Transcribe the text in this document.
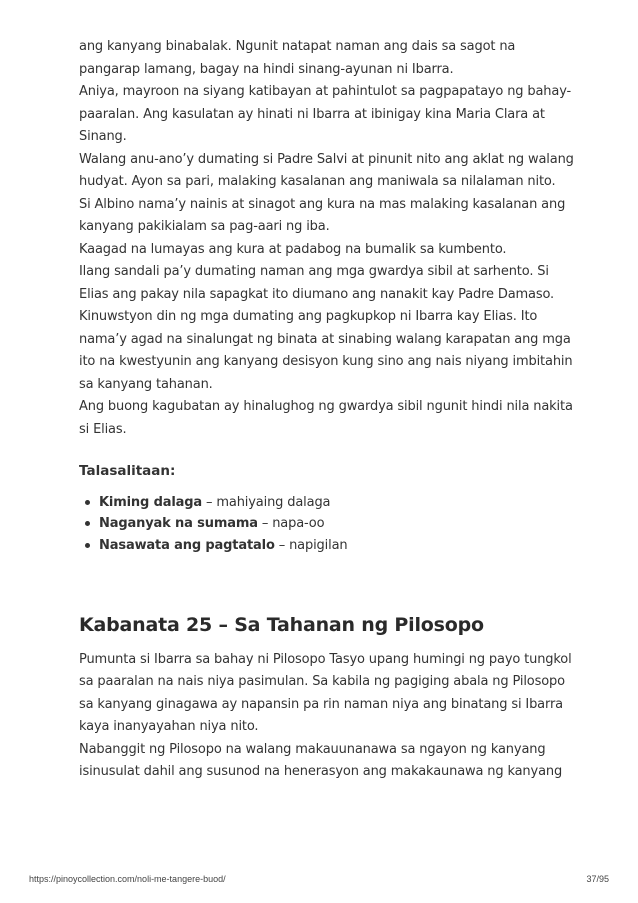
ang kanyang binabalak. Ngunit natapat naman ang dais sa sagot na pangarap lamang, bagay na hindi sinang-ayunan ni Ibarra.

Aniya, mayroon na siyang katibayan at pahintulot sa pagpapatayo ng bahay-paaralan. Ang kasulatan ay hinati ni Ibarra at ibinigay kina Maria Clara at Sinang.

Walang anu-ano’y dumating si Padre Salvi at pinunit nito ang aklat ng walang hudyat. Ayon sa pari, malaking kasalanan ang maniwala sa nilalaman nito.

Si Albino nama’y nainis at sinagot ang kura na mas malaking kasalanan ang kanyang pakikialam sa pag-aari ng iba.

Kaagad na lumayas ang kura at padabog na bumalik sa kumbento.

Ilang sandali pa’y dumating naman ang mga gwardya sibil at sarhento. Si Elias ang pakay nila sapagkat ito diumano ang nanakit kay Padre Damaso.

Kinuwstyon din ng mga dumating ang pagkupkop ni Ibarra kay Elias. Ito nama’y agad na sinalungat ng binata at sinabing walang karapatan ang mga ito na kwestyunin ang kanyang desisyon kung sino ang nais niyang imbitahin sa kanyang tahanan.

Ang buong kagubatan ay hinalughog ng gwardya sibil ngunit hindi nila nakita si Elias.

Talasalitaan:
Kiming dalaga – mahiyaing dalaga
Naganyak na sumama – napa-oo
Nasawata ang pagtatalo – napigilan
Kabanata 25 – Sa Tahanan ng Pilosopo

Pumunta si Ibarra sa bahay ni Pilosopo Tasyo upang humingi ng payo tungkol sa paaralan na nais niya pasimulan. Sa kabila ng pagiging abala ng Pilosopo sa kanyang ginagawa ay napansin pa rin naman niya ang binatang si Ibarra kaya inanyayahan niya nito.

Nabanggit ng Pilosopo na walang makauunanawa sa ngayon ng kanyang isinusulat dahil ang susunod na henerasyon ang makakaunawa ng kanyang

https://pinoycollection.com/noli-me-tangere-buod/	37/95
